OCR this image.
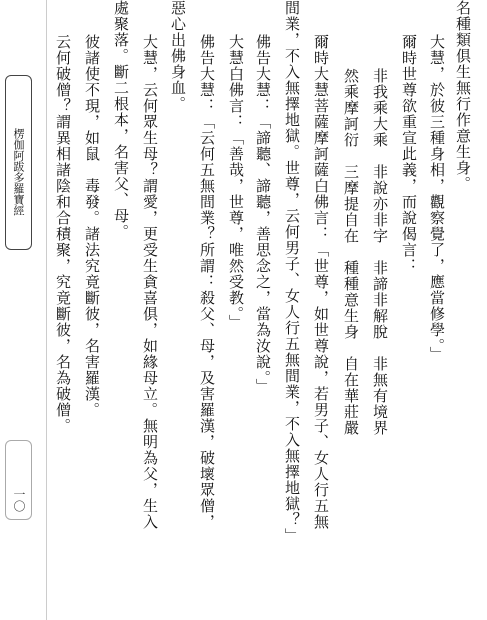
楞伽阿跋多羅寶經
一〇
名種類俱生無行作意生身。
大慧，於彼三種身相，觀察覺了，應當修學。」
爾時世尊欲重宣此義，而說偈言：
非我乘大乘　非說亦非字　非諦非解脫　非無有境界
然乘摩訶衍　三摩提自在　種種意生身　自在華莊嚴
爾時大慧菩薩摩訶薩白佛言：「世尊，如世尊說，若男子、女人行五無
間業，不入無擇地獄。世尊，云何男子、女人行五無間業，不入無擇地獄？」
佛告大慧：「諦聽、諦聽，善思念之，當為汝說。」
大慧白佛言：「善哉，世尊，唯然受教。」
佛告大慧：「云何五無間業？所謂：殺父、母，及害羅漢，破壞眾僧，
惡心出佛身血。
大慧，云何眾生母？謂愛，更受生貪喜俱，如緣母立。無明為父，生入
處聚落。斷二根本，名害父、母。
彼諸使不現，如鼠　毒發。諸法究竟斷彼，名害羅漢。
云何破僧？謂異相諸陰和合積聚，究竟斷彼，名為破僧。
